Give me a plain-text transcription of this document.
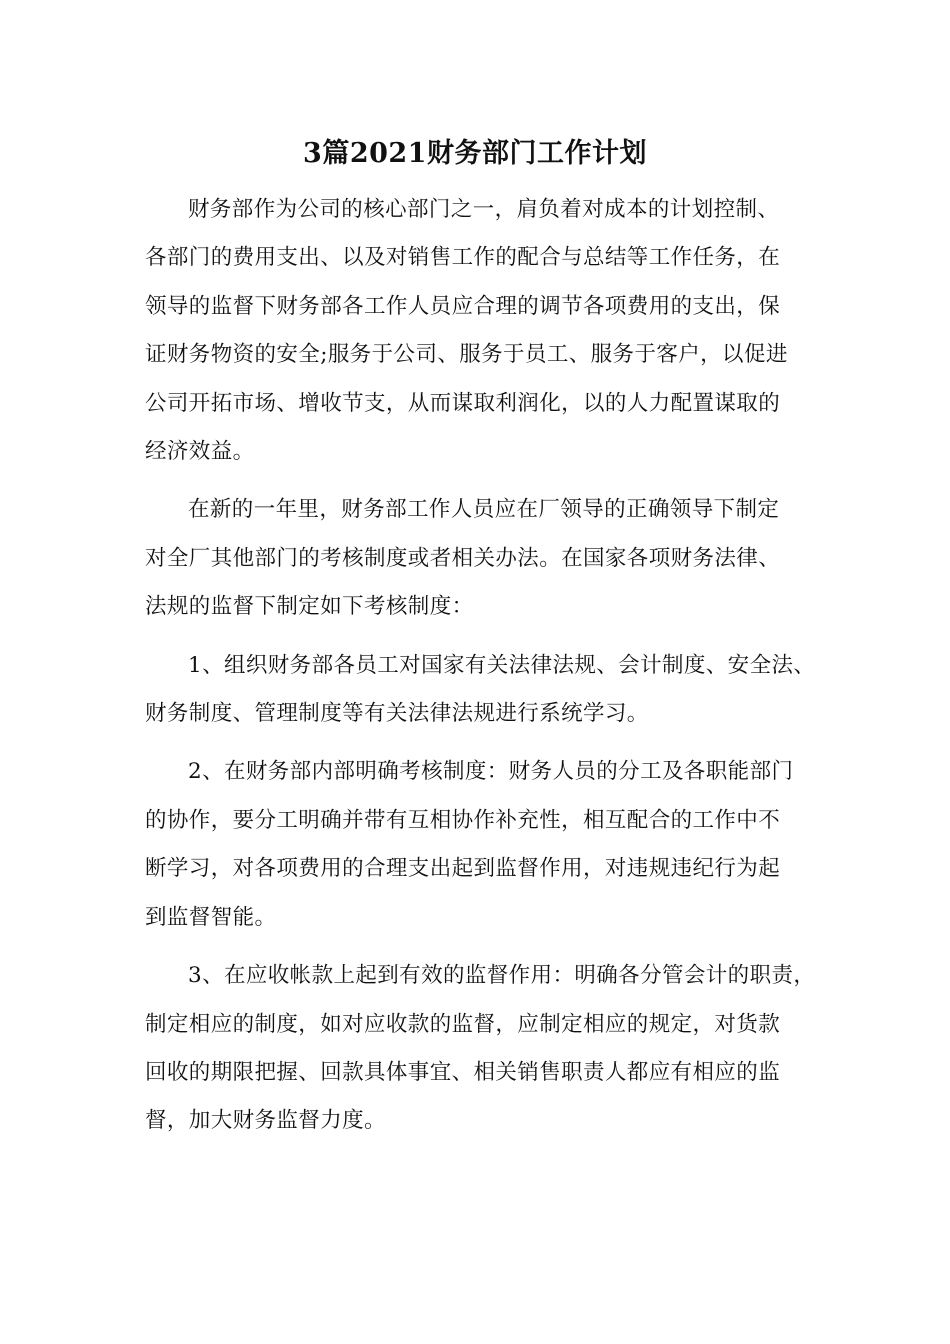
3篇2021财务部门工作计划

财务部作为公司的核心部门之一，肩负着对成本的计划控制、
各部门的费用支出、以及对销售工作的配合与总结等工作任务，在
领导的监督下财务部各工作人员应合理的调节各项费用的支出，保
证财务物资的安全;服务于公司、服务于员工、服务于客户，以促进
公司开拓市场、增收节支，从而谋取利润化，以的人力配置谋取的
经济效益。

在新的一年里，财务部工作人员应在厂领导的正确领导下制定
对全厂其他部门的考核制度或者相关办法。在国家各项财务法律、
法规的监督下制定如下考核制度：

1、组织财务部各员工对国家有关法律法规、会计制度、安全法、
财务制度、管理制度等有关法律法规进行系统学习。

2、在财务部内部明确考核制度：财务人员的分工及各职能部门
的协作，要分工明确并带有互相协作补充性，相互配合的工作中不
断学习，对各项费用的合理支出起到监督作用，对违规违纪行为起
到监督智能。

3、在应收帐款上起到有效的监督作用：明确各分管会计的职责，
制定相应的制度，如对应收款的监督，应制定相应的规定，对货款
回收的期限把握、回款具体事宜、相关销售职责人都应有相应的监
督，加大财务监督力度。
